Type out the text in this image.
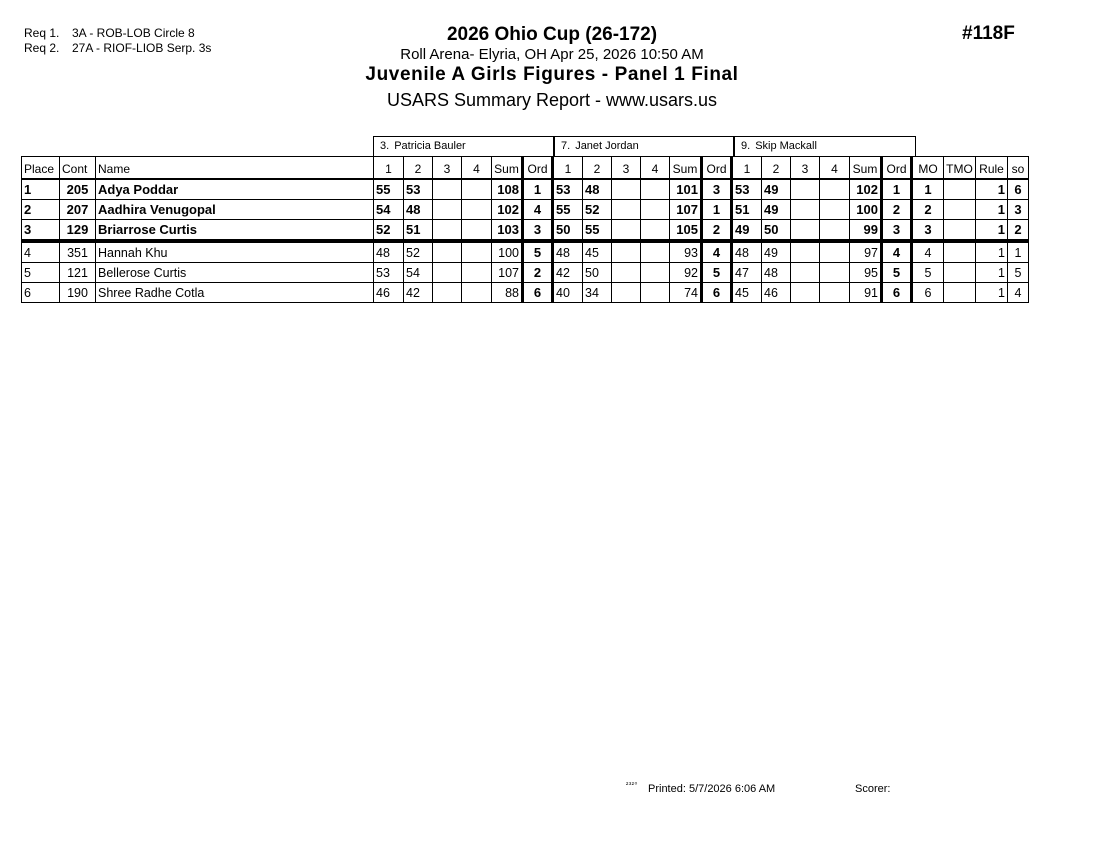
Req 1. 3A - ROB-LOB Circle 8
Req 2. 27A - RIOF-LIOB Serp. 3s
2026 Ohio Cup (26-172)
Roll Arena- Elyria, OH Apr 25, 2026 10:50 AM
Juvenile A Girls Figures - Panel 1 Final
USARS Summary Report - www.usars.us
#118F
3. Patricia Bauler	7. Janet Jordan	9. Skip Mackall
Place	Cont	Name	1	2	3	4	Sum	Ord	1	2	3	4	Sum	Ord	1	2	3	4	Sum	Ord	MO	TMO	Rule	so
1	205	Adya Poddar	55	53			108	1	53	48			101	3	53	49			102	1	1		1	6
2	207	Aadhira Venugopal	54	48			102	4	55	52			107	1	51	49			100	2	2		1	3
3	129	Briarrose Curtis	52	51			103	3	50	55			105	2	49	50			99	3	3		1	2
4	351	Hannah Khu	48	52			100	5	48	45			93	4	48	49			97	4	4		1	1
5	121	Bellerose Curtis	53	54			107	2	42	50			92	5	47	48			95	5	5		1	5
6	190	Shree Radhe Cotla	46	42			88	6	40	34			74	6	45	46			91	6	6		1	4
²³²⁰ Printed: 5/7/2026 6:06 AM	Scorer:
